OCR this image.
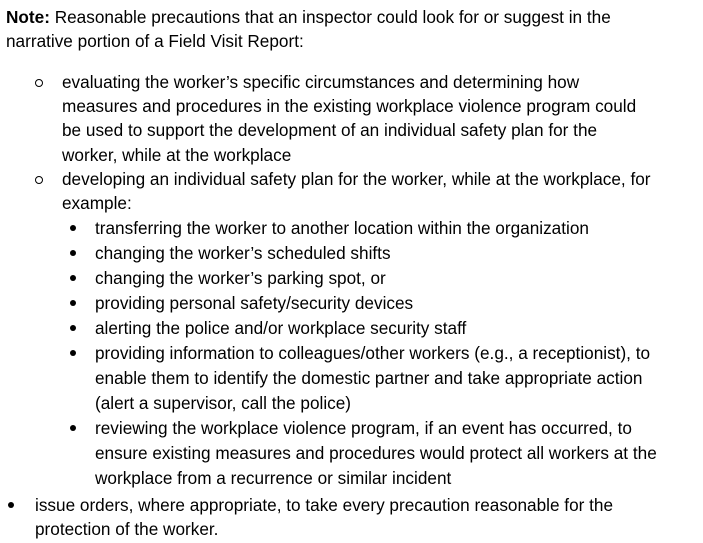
Note: Reasonable precautions that an inspector could look for or suggest in the
narrative portion of a Field Visit Report:
evaluating the worker’s specific circumstances and determining how
measures and procedures in the existing workplace violence program could
be used to support the development of an individual safety plan for the
worker, while at the workplace
developing an individual safety plan for the worker, while at the workplace, for
example:
transferring the worker to another location within the organization
changing the worker’s scheduled shifts
changing the worker’s parking spot, or
providing personal safety/security devices
alerting the police and/or workplace security staff
providing information to colleagues/other workers (e.g., a receptionist), to
enable them to identify the domestic partner and take appropriate action
(alert a supervisor, call the police)
reviewing the workplace violence program, if an event has occurred, to
ensure existing measures and procedures would protect all workers at the
workplace from a recurrence or similar incident
issue orders, where appropriate, to take every precaution reasonable for the
protection of the worker.
